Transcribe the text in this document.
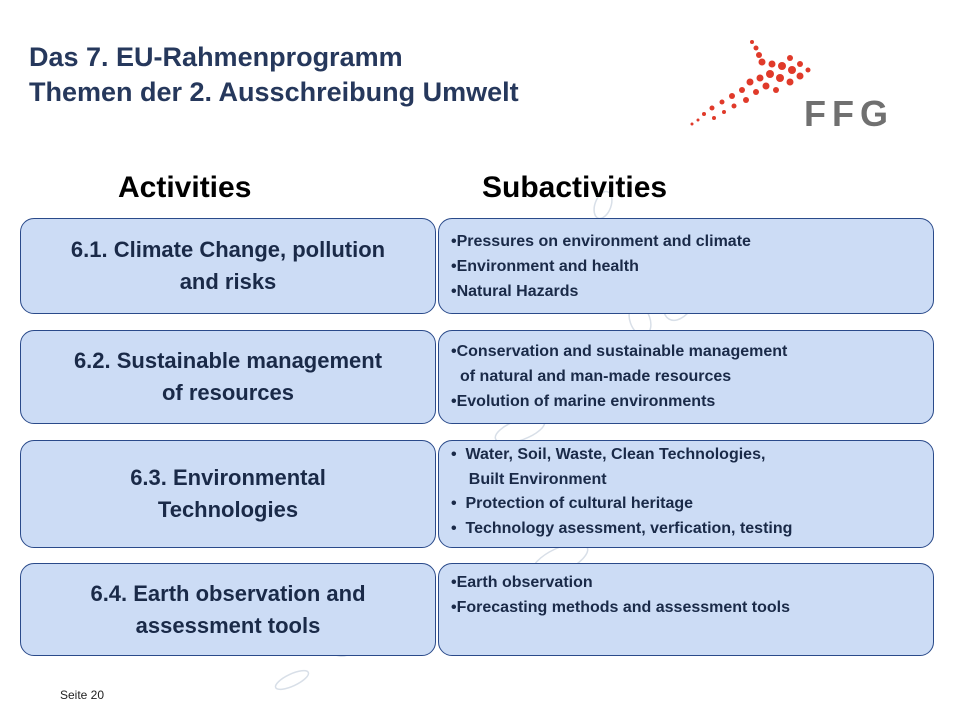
Das 7. EU-Rahmenprogramm
Themen der 2. Ausschreibung Umwelt
FFG
Activities	Subactivities
6.1. Climate Change, pollution
and risks
6.2. Sustainable management
of resources
6.3. Environmental
Technologies
6.4. Earth observation and
assessment tools
•Pressures on environment and climate
•Environment and health
•Natural Hazards
•Conservation and sustainable management
of natural and man-made resources
•Evolution of marine environments
•  Water, Soil, Waste, Clean Technologies,
Built Environment
•  Protection of cultural heritage
•  Technology asessment, verfication, testing
•Earth observation
•Forecasting methods and assessment tools
Seite 20
